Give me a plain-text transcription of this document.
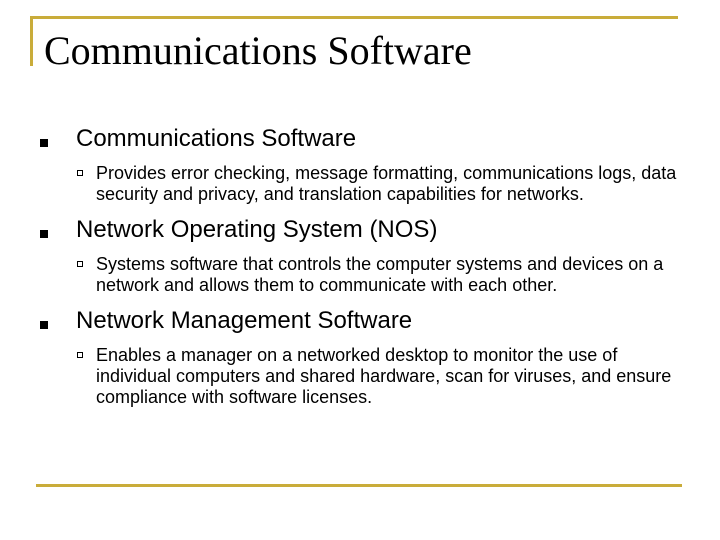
Communications Software
Communications Software
Provides error checking, message formatting, communications logs, data security and privacy, and translation capabilities for networks.
Network Operating System (NOS)
Systems software that controls the computer systems and devices on a network and allows them to communicate with each other.
Network Management Software
Enables a manager on a networked desktop to monitor the use of individual computers and shared hardware, scan for viruses, and ensure compliance with software licenses.
